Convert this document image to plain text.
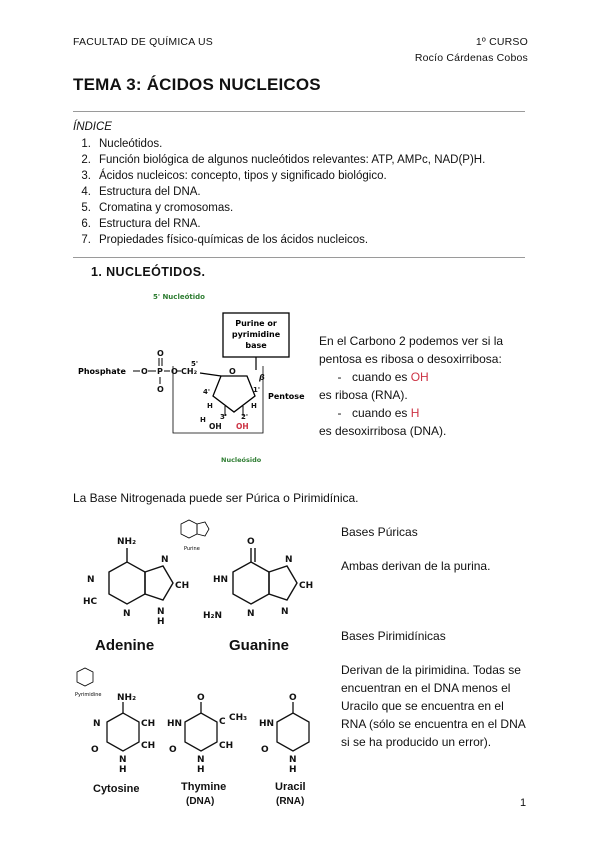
FACULTAD DE QUÍMICA US	1º CURSO
Rocío Cárdenas Cobos
TEMA 3: ÁCIDOS NUCLEICOS
ÍNDICE
1. Nucleótidos.
2. Función biológica de algunos nucleótidos relevantes: ATP, AMPc, NAD(P)H.
3. Ácidos nucleicos: concepto, tipos y significado biológico.
4. Estructura del DNA.
5. Cromatina y cromosomas.
6. Estructura del RNA.
7. Propiedades físico-químicas de los ácidos nucleicos.
1. NUCLEÓTIDOS.
5' Nucleótido
Purine or
pyrimidine
base
Phosphate O P
O
O
O CH₂
5'
O
4'	1'
β
3' 2'
H	H
H
OH OH
Pentose
Nucleósido
En el Carbono 2 podemos ver si la pentosa es ribosa o desoxirribosa:
- cuando es OH
es ribosa (RNA).
- cuando es H
es desoxirribosa (DNA).
La Base Nitrogenada puede ser Púrica o Pirimidínica.
Purine
NH₂
N
HC
N
N
CH
N
H
Adenine
O
HN
H₂N	N
N
CH
N
Guanine
Pyrimidine NH₂
N	CH
CH
O
N
H
Cytosine
O
HN	C CH₃
CH
O
N
H
Thymine
(DNA)
O
HN
O
N
H
Uracil
(RNA)
Bases Púricas
Ambas derivan de la purina.
Bases Pirimidínicas
Derivan de la pirimidina. Todas se encuentran en el DNA menos el Uracilo que se encuentra en el RNA (sólo se encuentra en el DNA si se ha producido un error).
1
